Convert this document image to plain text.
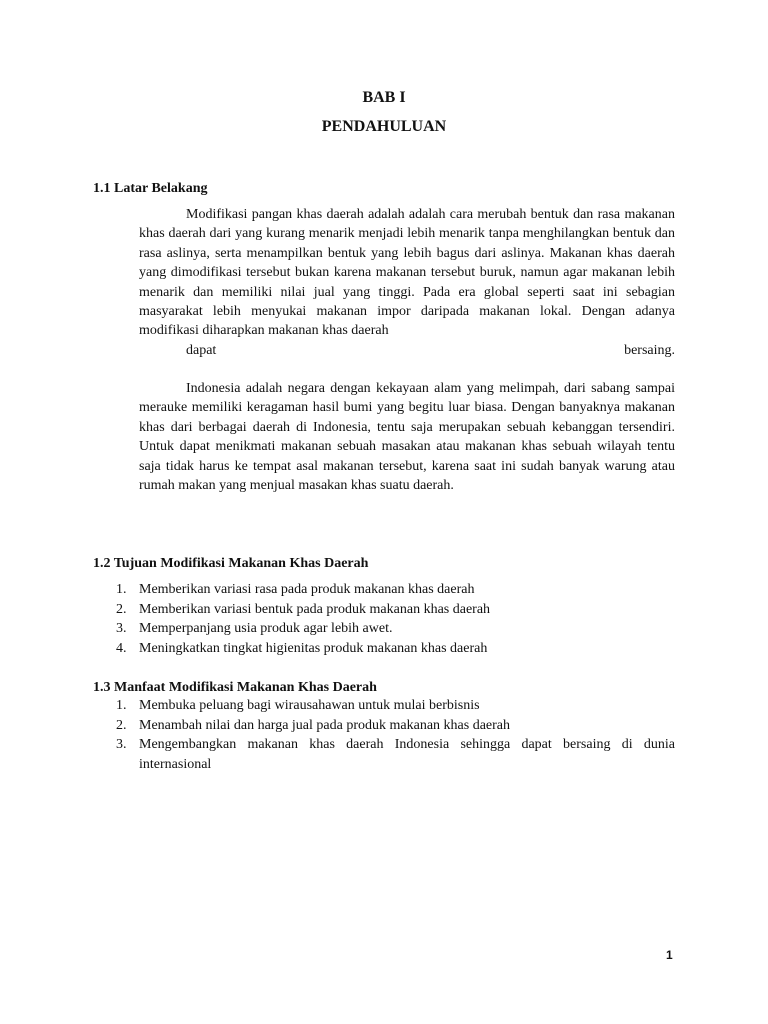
BAB I
PENDAHULUAN
1.1 Latar Belakang

Modifikasi pangan khas daerah adalah adalah cara merubah bentuk dan rasa makanan khas daerah dari yang kurang menarik menjadi lebih menarik tanpa menghilangkan bentuk dan rasa aslinya, serta menampilkan bentuk yang lebih bagus dari aslinya. Makanan khas daerah yang dimodifikasi tersebut bukan karena makanan tersebut buruk, namun agar makanan lebih menarik dan memiliki nilai jual yang tinggi. Pada era global seperti saat ini sebagian masyarakat lebih menyukai makanan impor daripada makanan lokal. Dengan adanya modifikasi diharapkan makanan khas daerah
dapat bersaing.

Indonesia adalah negara dengan kekayaan alam yang melimpah, dari sabang sampai merauke memiliki keragaman hasil bumi yang begitu luar biasa. Dengan banyaknya makanan khas dari berbagai daerah di Indonesia, tentu saja merupakan sebuah kebanggan tersendiri. Untuk dapat menikmati makanan sebuah masakan atau makanan khas sebuah wilayah tentu saja tidak harus ke tempat asal makanan tersebut, karena saat ini sudah banyak warung atau rumah makan yang menjual masakan khas suatu daerah.

1.2 Tujuan Modifikasi Makanan Khas Daerah
1. Memberikan variasi rasa pada produk makanan khas daerah
2. Memberikan variasi bentuk pada produk makanan khas daerah
3. Memperpanjang usia produk agar lebih awet.
4. Meningkatkan tingkat higienitas produk makanan khas daerah
1.3 Manfaat Modifikasi Makanan Khas Daerah
1. Membuka peluang bagi wirausahawan untuk mulai berbisnis
2. Menambah nilai dan harga jual pada produk makanan khas daerah
3. Mengembangkan makanan khas daerah Indonesia sehingga dapat bersaing di dunia internasional

1
